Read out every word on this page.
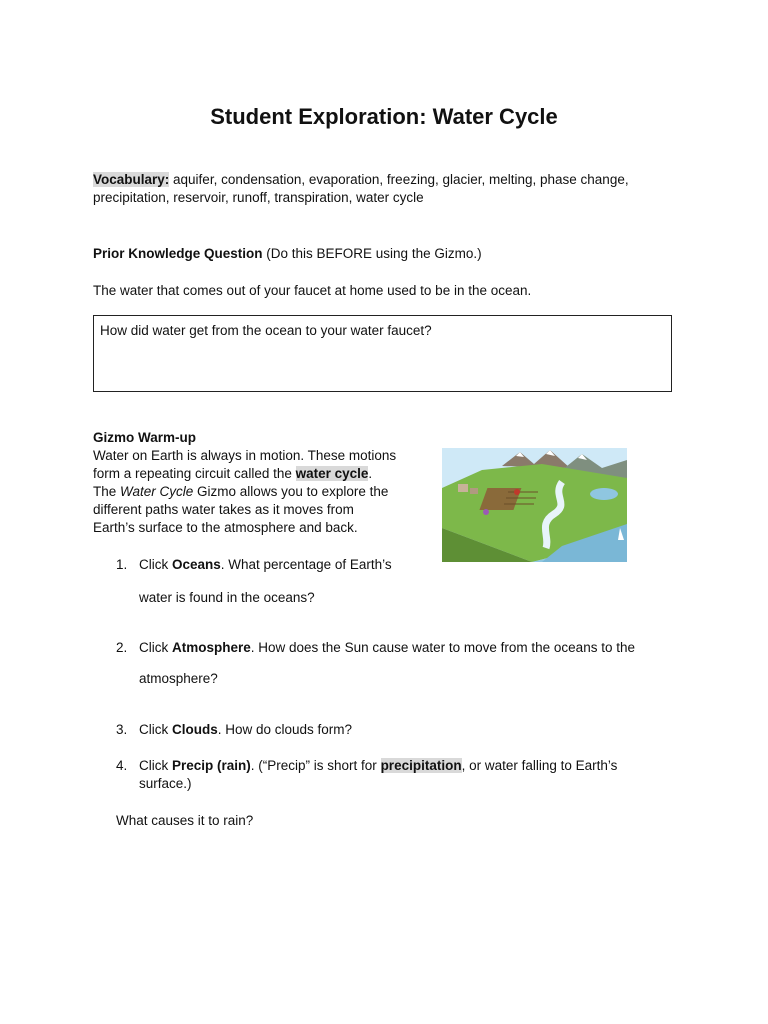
Student Exploration: Water Cycle
Vocabulary: aquifer, condensation, evaporation, freezing, glacier, melting, phase change,
precipitation, reservoir, runoff, transpiration, water cycle
Prior Knowledge Question (Do this BEFORE using the Gizmo.)
The water that comes out of your faucet at home used to be in the ocean.
How did water get from the ocean to your water faucet?
Gizmo Warm-up
Water on Earth is always in motion. These motions
form a repeating circuit called the water cycle.
The Water Cycle Gizmo allows you to explore the
different paths water takes as it moves from
Earth’s surface to the atmosphere and back.
1. Click Oceans. What percentage of Earth’s
water is found in the oceans?
2. Click Atmosphere. How does the Sun cause water to move from the oceans to the
atmosphere?
3. Click Clouds. How do clouds form?
4. Click Precip (rain). (“Precip” is short for precipitation, or water falling to Earth’s
surface.)
What causes it to rain?
